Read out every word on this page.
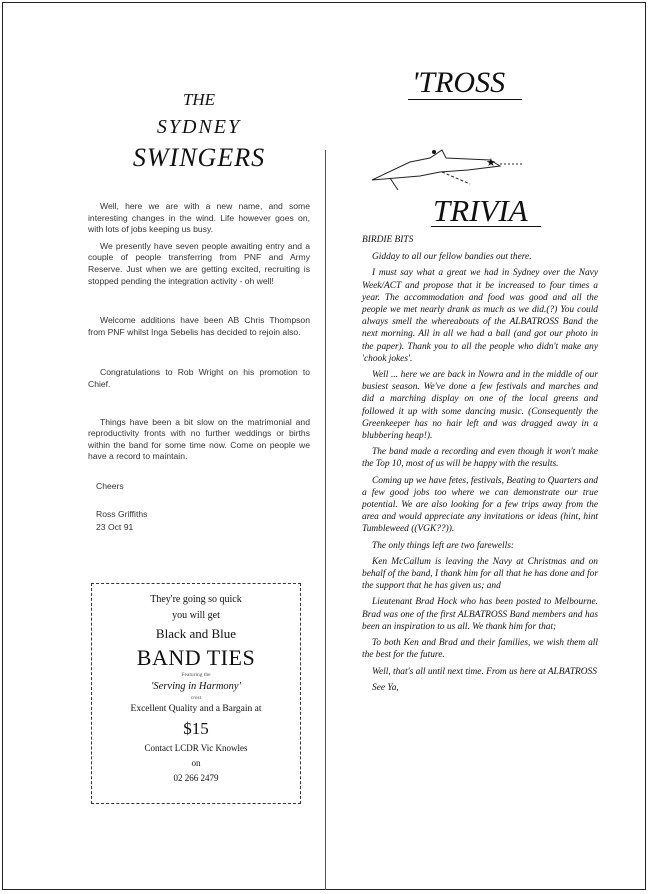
THE
SYDNEY
SWINGERS

Well, here we are with a new name, and some interesting changes in the wind. Life however goes on, with lots of jobs keeping us busy.

We presently have seven people awaiting entry and a couple of people transferring from PNF and Army Reserve. Just when we are getting excited, recruiting is stopped pending the integration activity - oh well!

Welcome additions have been AB Chris Thompson from PNF whilst Inga Sebelis has decided to rejoin also.

Congratulations to Rob Wright on his promotion to Chief.

Things have been a bit slow on the matrimonial and reproductivity fronts with no further weddings or births within the band for some time now. Come on people we have a record to maintain.

Cheers
Ross Griffiths
23 Oct 91
They're going so quick
you will get
Black and Blue
BAND TIES
Featuring the
'Serving in Harmony'
crest
Excellent Quality and a Bargain at
$15
Contact LCDR Vic Knowles
on
02 266 2479
'TROSS
★
TRIVIA

BIRDIE BITS

Gidday to all our fellow bandies out there.

I must say what a great we had in Sydney over the Navy Week/ACT and propose that it be increased to four times a year. The accommodation and food was good and all the people we met nearly drank as much as we did.(?) You could always smell the whereabouts of the ALBATROSS Band the next morning. All in all we had a ball (and got our photo in the paper). Thank you to all the people who didn't make any 'chook jokes'.

Well ... here we are back in Nowra and in the middle of our busiest season. We've done a few festivals and marches and did a marching display on one of the local greens and followed it up with some dancing music. (Consequently the Greenkeeper has no hair left and was dragged away in a blubbering heap!).

The band made a recording and even though it won't make the Top 10, most of us will be happy with the results.

Coming up we have fetes, festivals, Beating to Quarters and a few good jobs too where we can demonstrate our true potential. We are also looking for a few trips away from the area and would appreciate any invitations or ideas (hint, hint Tumbleweed ((VGK??)).

The only things left are two farewells:

Ken McCallum is leaving the Navy at Christmas and on behalf of the band, I thank him for all that he has done and for the support that he has given us; and

Lieutenant Brad Hock who has been posted to Melbourne. Brad was one of the first ALBATROSS Band members and has been an inspiration to us all. We thank him for that;

To both Ken and Brad and their families, we wish them all the best for the future.

Well, that's all until next time. From us here at ALBATROSS

See Ya,
